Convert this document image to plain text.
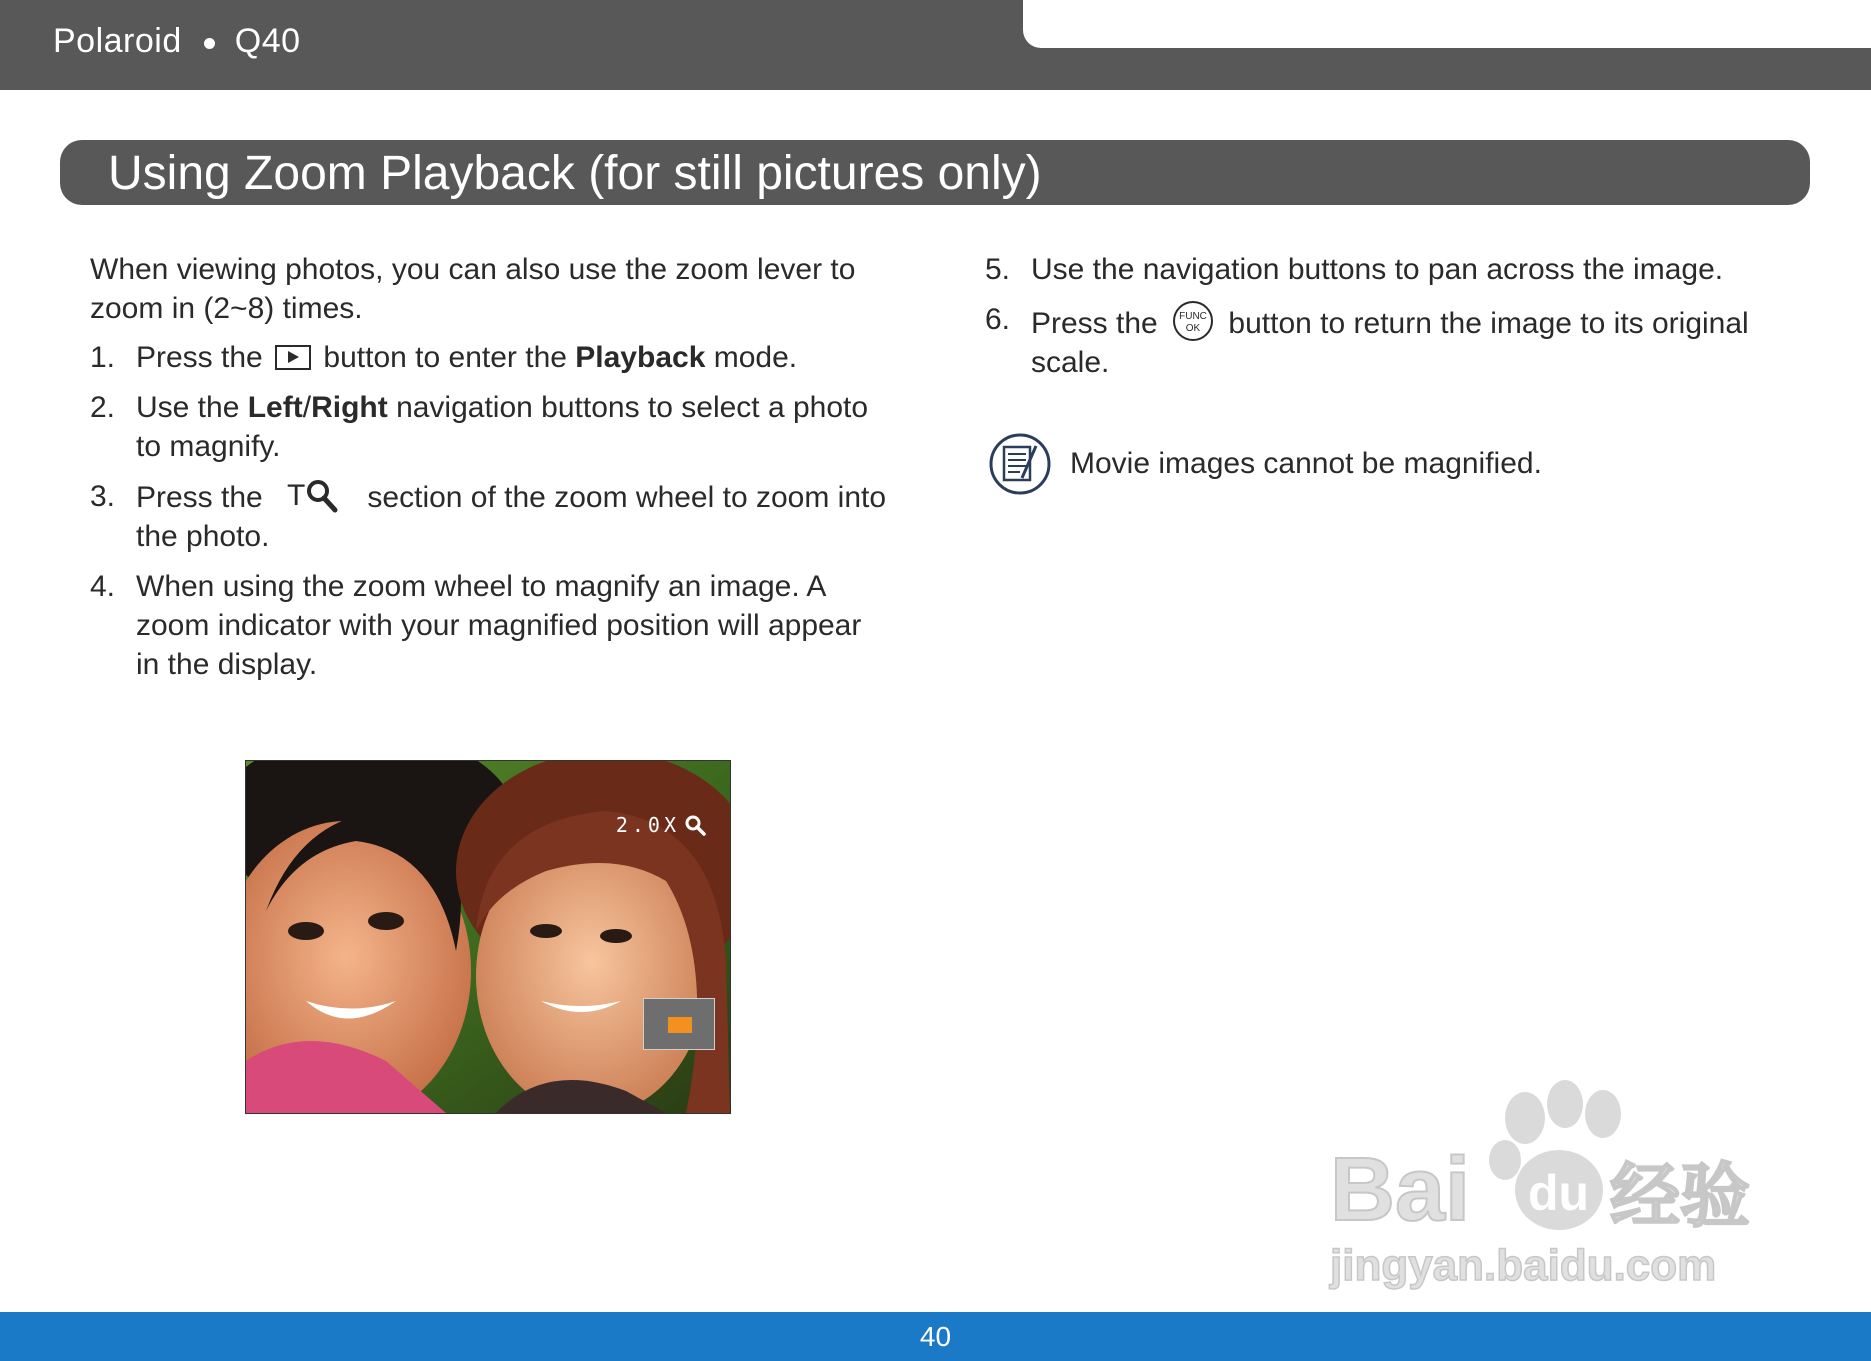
Polaroid Q40
Using Zoom Playback (for still pictures only)

When viewing photos, you can also use the zoom lever to zoom in (2~8) times.

1. Press the button to enter the Playback mode.
2. Use the Left/Right navigation buttons to select a photo to magnify.
3. Press the T section of the zoom wheel to zoom into the photo.
4. When using the zoom wheel to magnify an image. A zoom indicator with your magnified position will appear in the display.
5. Use the navigation buttons to pan across the image.
6. Press the FUNC
OK button to return the image to its original scale.
Movie images cannot be magnified.
2.0X
Bai du 经验
jingyan.baidu.com
40
